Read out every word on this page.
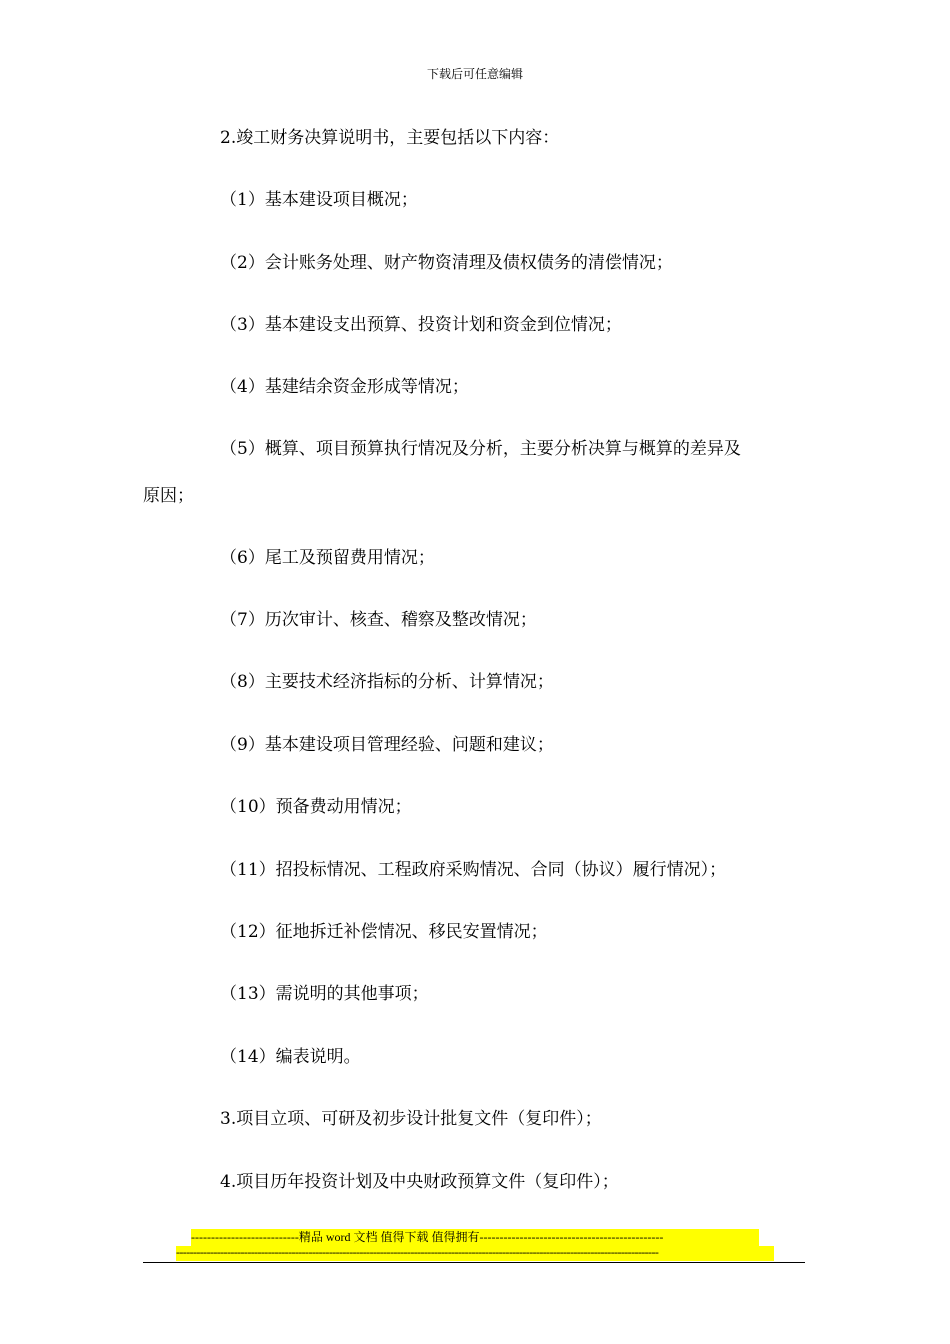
下载后可任意编辑
2.竣工财务决算说明书，主要包括以下内容：
（1）基本建设项目概况；
（2）会计账务处理、财产物资清理及债权债务的清偿情况；
（3）基本建设支出预算、投资计划和资金到位情况；
（4）基建结余资金形成等情况；
（5）概算、项目预算执行情况及分析，主要分析决算与概算的差异及
原因；
（6）尾工及预留费用情况；
（7）历次审计、核查、稽察及整改情况；
（8）主要技术经济指标的分析、计算情况；
（9）基本建设项目管理经验、问题和建议；
（10）预备费动用情况；
（11）招投标情况、工程政府采购情况、合同（协议）履行情况）；
（12）征地拆迁补偿情况、移民安置情况；
（13）需说明的其他事项；
（14）编表说明。
3.项目立项、可研及初步设计批复文件（复印件）；
4.项目历年投资计划及中央财政预算文件（复印件）；
---------------------------精品 word 文档 值得下载 值得拥有----------------------------------------------
----------------------------------------------------------------------------------------------------------------------------------------------
